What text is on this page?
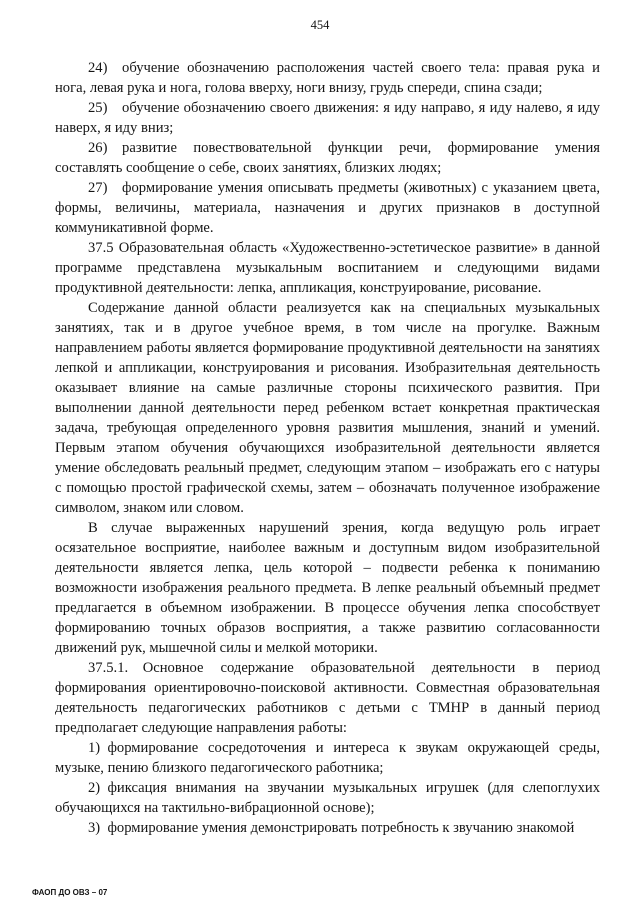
454

24) обучение обозначению расположения частей своего тела: правая рука и нога, левая рука и нога, голова вверху, ноги внизу, грудь спереди, спина сзади;

25) обучение обозначению своего движения: я иду направо, я иду налево, я иду наверх, я иду вниз;

26) развитие повествовательной функции речи, формирование умения составлять сообщение о себе, своих занятиях, близких людях;

27) формирование умения описывать предметы (животных) с указанием цвета, формы, величины, материала, назначения и других признаков в доступной коммуникативной форме.

37.5 Образовательная область «Художественно-эстетическое развитие» в данной программе представлена музыкальным воспитанием и следующими видами продуктивной деятельности: лепка, аппликация, конструирование, рисование.

Содержание данной области реализуется как на специальных музыкальных занятиях, так и в другое учебное время, в том числе на прогулке. Важным направлением работы является формирование продуктивной деятельности на занятиях лепкой и аппликации, конструирования и рисования. Изобразительная деятельность оказывает влияние на самые различные стороны психического развития. При выполнении данной деятельности перед ребенком встает конкретная практическая задача, требующая определенного уровня развития мышления, знаний и умений. Первым этапом обучения обучающихся изобразительной деятельности является умение обследовать реальный предмет, следующим этапом – изображать его с натуры с помощью простой графической схемы, затем – обозначать полученное изображение символом, знаком или словом.

В случае выраженных нарушений зрения, когда ведущую роль играет осязательное восприятие, наиболее важным и доступным видом изобразительной деятельности является лепка, цель которой – подвести ребенка к пониманию возможности изображения реального предмета. В лепке реальный объемный предмет предлагается в объемном изображении. В процессе обучения лепка способствует формированию точных образов восприятия, а также развитию согласованности движений рук, мышечной силы и мелкой моторики.

37.5.1. Основное содержание образовательной деятельности в период формирования ориентировочно-поисковой активности. Совместная образовательная деятельность педагогических работников с детьми с ТМНР в данный период предполагает следующие направления работы:

1) формирование сосредоточения и интереса к звукам окружающей среды, музыке, пению близкого педагогического работника;

2) фиксация внимания на звучании музыкальных игрушек (для слепоглухих обучающихся на тактильно-вибрационной основе);

3) формирование умения демонстрировать потребность к звучанию знакомой

ФАОП ДО ОВЗ – 07
